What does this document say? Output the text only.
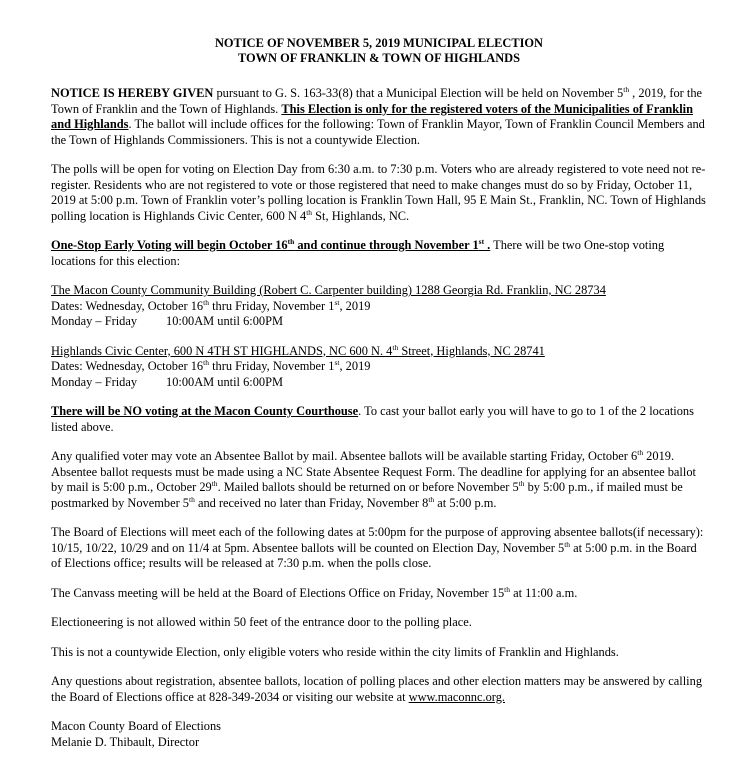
NOTICE OF NOVEMBER 5, 2019 MUNICIPAL ELECTION
TOWN OF FRANKLIN & TOWN OF HIGHLANDS

NOTICE IS HEREBY GIVEN pursuant to G. S. 163-33(8) that a Municipal Election will be held on November 5th , 2019, for the Town of Franklin and the Town of Highlands. This Election is only for the registered voters of the Municipalities of Franklin and Highlands. The ballot will include offices for the following: Town of Franklin Mayor, Town of Franklin Council Members and the Town of Highlands Commissioners. This is not a countywide Election.

The polls will be open for voting on Election Day from 6:30 a.m. to 7:30 p.m. Voters who are already registered to vote need not re-register. Residents who are not registered to vote or those registered that need to make changes must do so by Friday, October 11, 2019 at 5:00 p.m. Town of Franklin voter’s polling location is Franklin Town Hall, 95 E Main St., Franklin, NC. Town of Highlands polling location is Highlands Civic Center, 600 N 4th St, Highlands, NC.

One-Stop Early Voting will begin October 16th and continue through November 1st . There will be two One-stop voting locations for this election:

The Macon County Community Building (Robert C. Carpenter building) 1288 Georgia Rd. Franklin, NC 28734
Dates: Wednesday, October 16th thru Friday, November 1st, 2019
Monday – Friday 10:00AM until 6:00PM
Highlands Civic Center, 600 N 4TH ST HIGHLANDS, NC 600 N. 4th Street, Highlands, NC 28741
Dates: Wednesday, October 16th thru Friday, November 1st, 2019
Monday – Friday 10:00AM until 6:00PM

There will be NO voting at the Macon County Courthouse. To cast your ballot early you will have to go to 1 of the 2 locations listed above.

Any qualified voter may vote an Absentee Ballot by mail. Absentee ballots will be available starting Friday, October 6th 2019. Absentee ballot requests must be made using a NC State Absentee Request Form. The deadline for applying for an absentee ballot by mail is 5:00 p.m., October 29th. Mailed ballots should be returned on or before November 5th by 5:00 p.m., if mailed must be postmarked by November 5th and received no later than Friday, November 8th at 5:00 p.m.

The Board of Elections will meet each of the following dates at 5:00pm for the purpose of approving absentee ballots(if necessary): 10/15, 10/22, 10/29 and on 11/4 at 5pm. Absentee ballots will be counted on Election Day, November 5th at 5:00 p.m. in the Board of Elections office; results will be released at 7:30 p.m. when the polls close.

The Canvass meeting will be held at the Board of Elections Office on Friday, November 15th at 11:00 a.m.

Electioneering is not allowed within 50 feet of the entrance door to the polling place.

This is not a countywide Election, only eligible voters who reside within the city limits of Franklin and Highlands.

Any questions about registration, absentee ballots, location of polling places and other election matters may be answered by calling the Board of Elections office at 828-349-2034 or visiting our website at www.maconnc.org.

Macon County Board of Elections
Melanie D. Thibault, Director
